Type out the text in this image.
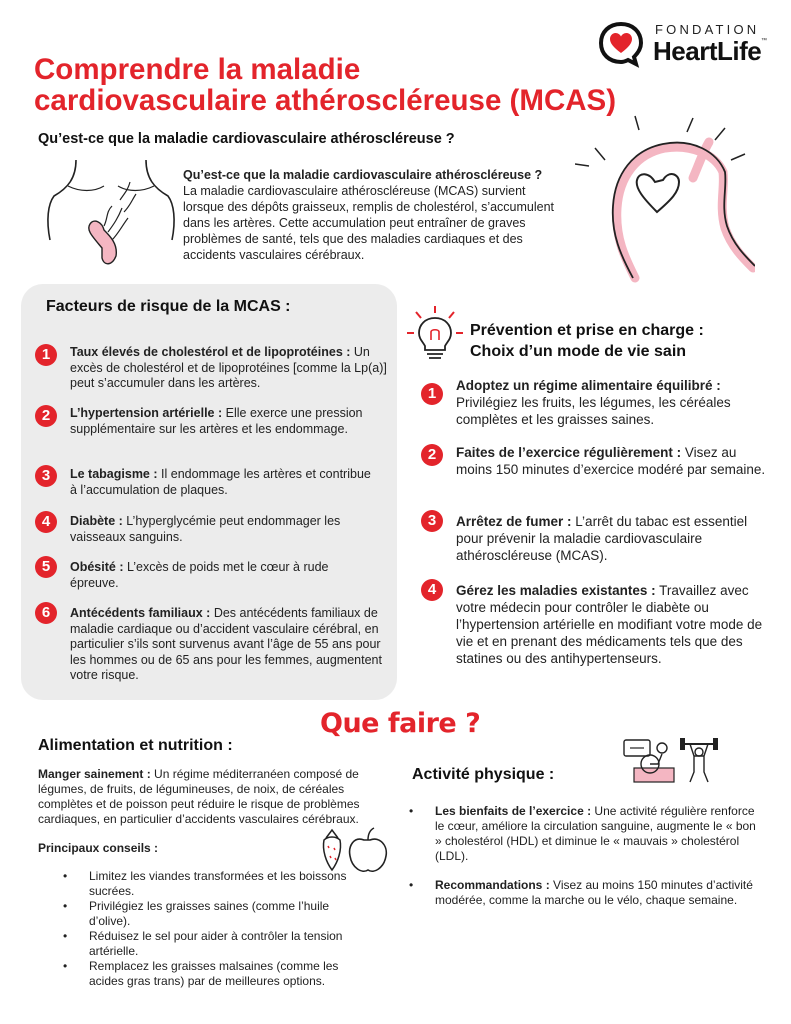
FONDATION
HeartLife ™
Comprendre la maladie
cardiovasculaire athéroscléreuse (MCAS)
Qu’est-ce que la maladie cardiovasculaire athéroscléreuse ?
Qu’est-ce que la maladie cardiovasculaire athéroscléreuse ?
La maladie cardiovasculaire athéroscléreuse (MCAS) survient lorsque des dépôts graisseux, remplis de cholestérol, s’accumulent dans les artères. Cette accumulation peut entraîner de graves problèmes de santé, tels que des maladies cardiaques et des accidents vasculaires cérébraux.
Facteurs de risque de la MCAS :
1	Taux élevés de cholestérol et de lipoprotéines : Un excès de cholestérol et de lipoprotéines [comme la Lp(a)] peut s’accumuler dans les artères.
2	L’hypertension artérielle : Elle exerce une pression supplémentaire sur les artères et les endommage.
3	Le tabagisme : Il endommage les artères et contribue à l’accumulation de plaques.
4	Diabète : L’hyperglycémie peut endommager les vaisseaux sanguins.
5	Obésité : L’excès de poids met le cœur à rude épreuve.
6	Antécédents familiaux : Des antécédents familiaux de maladie cardiaque ou d’accident vasculaire cérébral, en particulier s’ils sont survenus avant l’âge de 55 ans pour les hommes ou de 65 ans pour les femmes, augmentent votre risque.
Prévention et prise en charge :
Choix d’un mode de vie sain
1	Adoptez un régime alimentaire équilibré : Privilégiez les fruits, les légumes, les céréales complètes et les graisses saines.
2	Faites de l’exercice régulièrement : Visez au moins 150 minutes d’exercice modéré par semaine.
3	Arrêtez de fumer : L’arrêt du tabac est essentiel pour prévenir la maladie cardiovasculaire athéroscléreuse (MCAS).
4	Gérez les maladies existantes : Travaillez avec votre médecin pour contrôler le diabète ou l’hypertension artérielle en modifiant votre mode de vie et en prenant des médicaments tels que des statines ou des antihypertenseurs.
Que faire ?
Alimentation et nutrition :
Manger sainement : Un régime méditerranéen composé de légumes, de fruits, de légumineuses, de noix, de céréales complètes et de poisson peut réduire le risque de problèmes cardiaques, en particulier d’accidents vasculaires cérébraux.
Principaux conseils :
• Limitez les viandes transformées et les boissons sucrées.
• Privilégiez les graisses saines (comme l’huile d’olive).
• Réduisez le sel pour aider à contrôler la tension artérielle.
• Remplacez les graisses malsaines (comme les acides gras trans) par de meilleures options.
Activité physique :
• Les bienfaits de l’exercice : Une activité régulière renforce le cœur, améliore la circulation sanguine, augmente le « bon » cholestérol (HDL) et diminue le « mauvais » cholestérol (LDL).
• Recommandations : Visez au moins 150 minutes d’activité modérée, comme la marche ou le vélo, chaque semaine.
